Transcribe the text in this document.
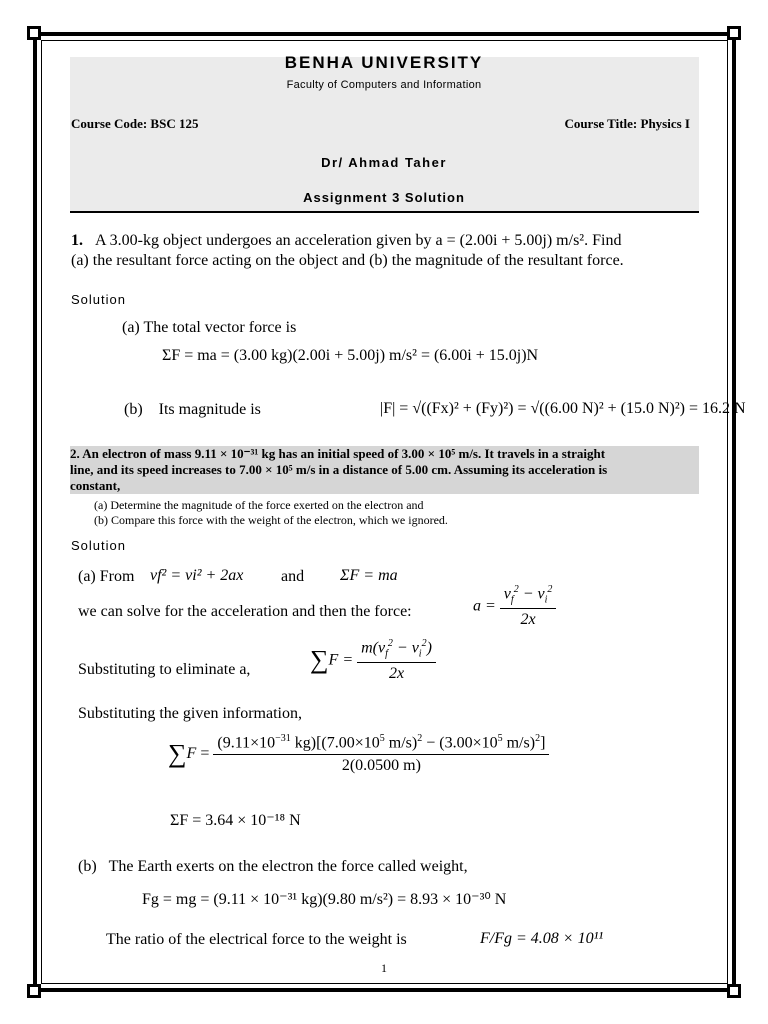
BENHA UNIVERSITY
Faculty of Computers and Information
Course Code: BSC 125	Course Title: Physics I
Dr/ Ahmad Taher
Assignment 3 Solution
1. A 3.00-kg object undergoes an acceleration given by a = (2.00i + 5.00j) m/s². Find
(a) the resultant force acting on the object and (b) the magnitude of the resultant force.
Solution
(a) The total vector force is
ΣF = ma = (3.00 kg)(2.00i + 5.00j) m/s² = (6.00i + 15.0j)N
(b) Its magnitude is	|F| = √((Fx)² + (Fy)²) = √((6.00 N)² + (15.0 N)²) = 16.2 N
2. An electron of mass 9.11 × 10⁻³¹ kg has an initial speed of 3.00 × 10⁵ m/s. It travels in a straight
line, and its speed increases to 7.00 × 10⁵ m/s in a distance of 5.00 cm. Assuming its acceleration is
constant,
(a) Determine the magnitude of the force exerted on the electron and
(b) Compare this force with the weight of the electron, which we ignored.
Solution
(a) From vf² = vi² + 2ax and ΣF = ma
we can solve for the acceleration and then the force:	$a = \frac{v_f^2 - v_i^2}{2x}$
Substituting to eliminate a, $\sum F = \frac{m(v_f^2 - v_i^2)}{2x}$
Substituting the given information,
$\sum F = \frac{(9.11\times 10^{-31} kg)[(7.00\times 10^5 m/s)^2 - (3.00\times 10^5 m/s)^2]}{2(0.0500 m)}$
ΣF = 3.64 × 10⁻¹⁸ N
(b) The Earth exerts on the electron the force called weight,
Fg = mg = (9.11 × 10⁻³¹ kg)(9.80 m/s²) = 8.93 × 10⁻³⁰ N
The ratio of the electrical force to the weight is	F/Fg = 4.08 × 10¹¹
1
